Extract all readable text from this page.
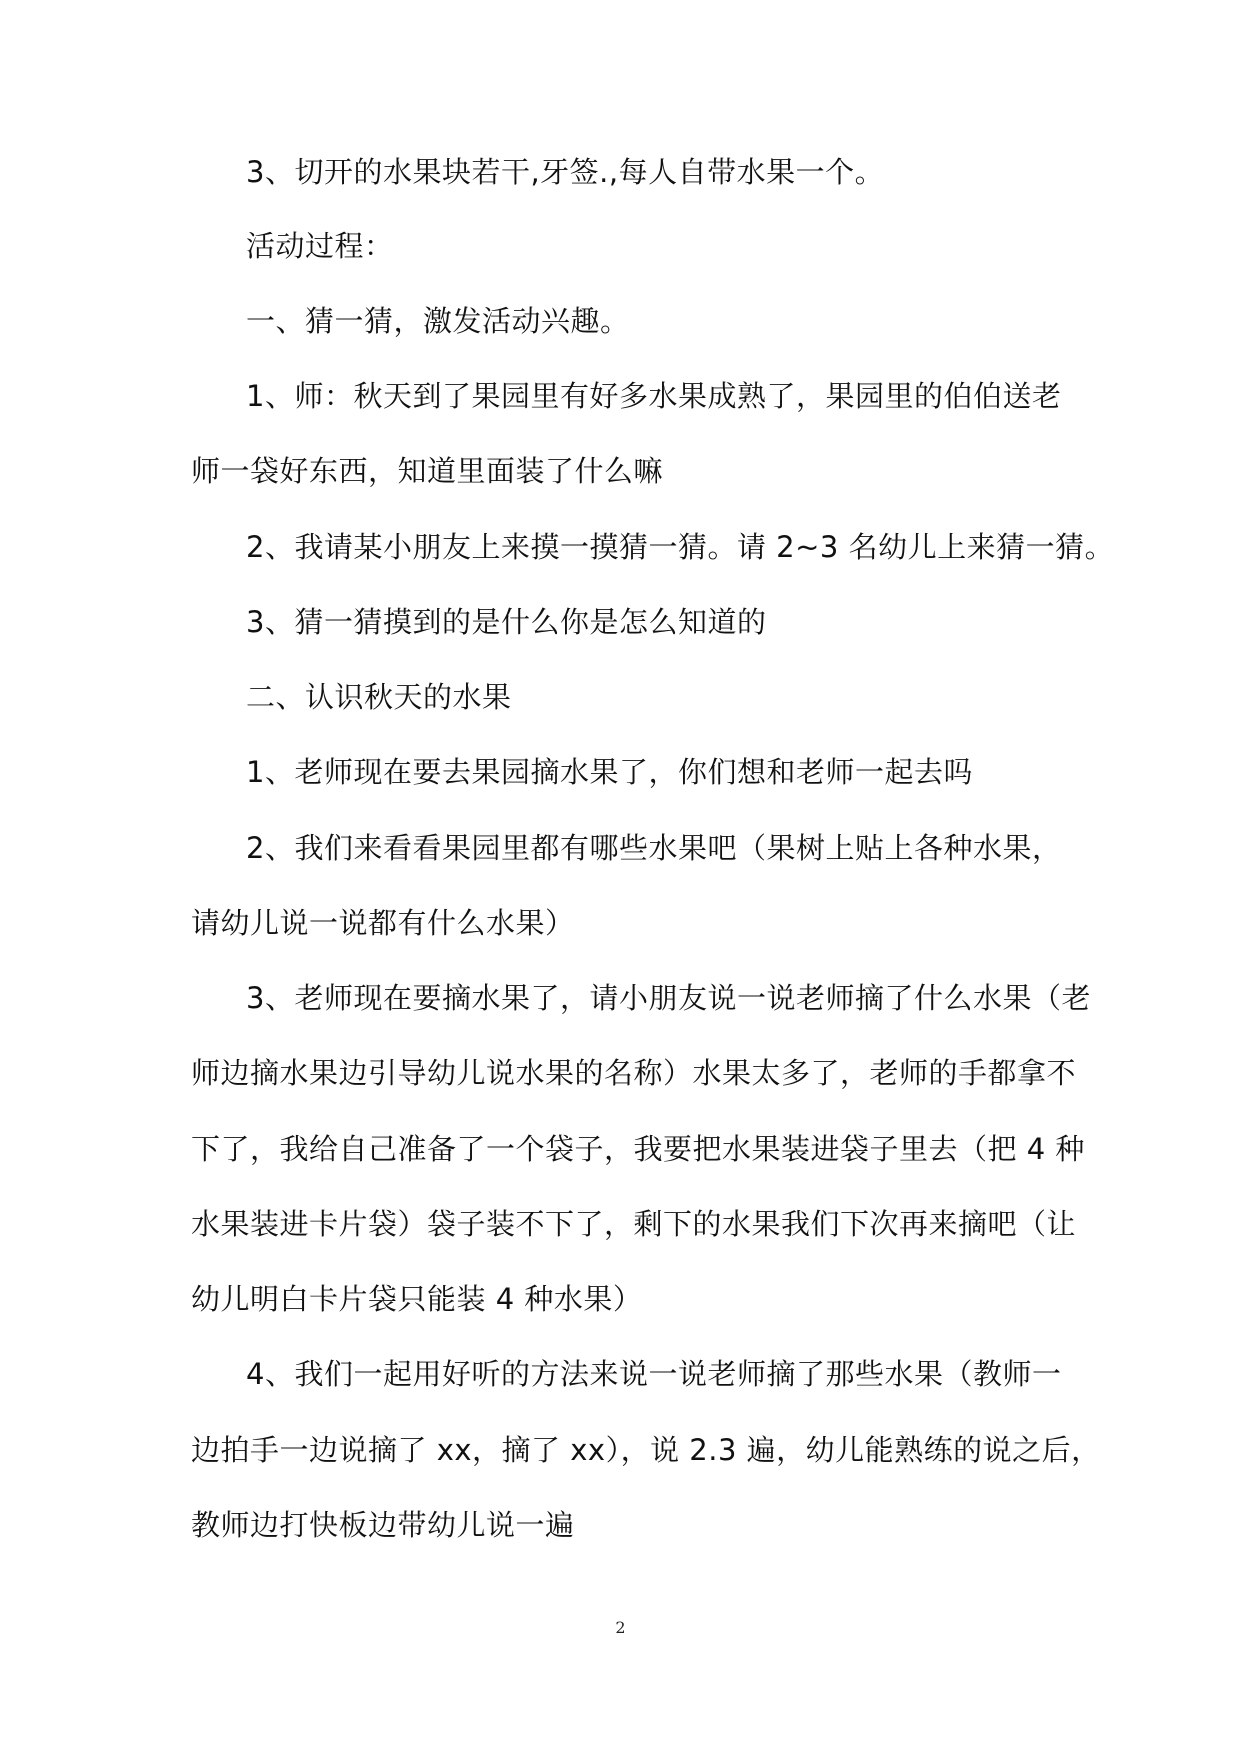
3、切开的水果块若干,牙签.,每人自带水果一个。
活动过程：
一、猜一猜，激发活动兴趣。
1、师：秋天到了果园里有好多水果成熟了，果园里的伯伯送老
师一袋好东西，知道里面装了什么嘛
2、我请某小朋友上来摸一摸猜一猜。请 2~3 名幼儿上来猜一猜。
3、猜一猜摸到的是什么你是怎么知道的
二、认识秋天的水果
1、老师现在要去果园摘水果了，你们想和老师一起去吗
2、我们来看看果园里都有哪些水果吧（果树上贴上各种水果，
请幼儿说一说都有什么水果）
3、老师现在要摘水果了，请小朋友说一说老师摘了什么水果（老
师边摘水果边引导幼儿说水果的名称）水果太多了，老师的手都拿不
下了，我给自己准备了一个袋子，我要把水果装进袋子里去（把 4 种
水果装进卡片袋）袋子装不下了，剩下的水果我们下次再来摘吧（让
幼儿明白卡片袋只能装 4 种水果）
4、我们一起用好听的方法来说一说老师摘了那些水果（教师一
边拍手一边说摘了 xx，摘了 xx），说 2.3 遍，幼儿能熟练的说之后，
教师边打快板边带幼儿说一遍
2
